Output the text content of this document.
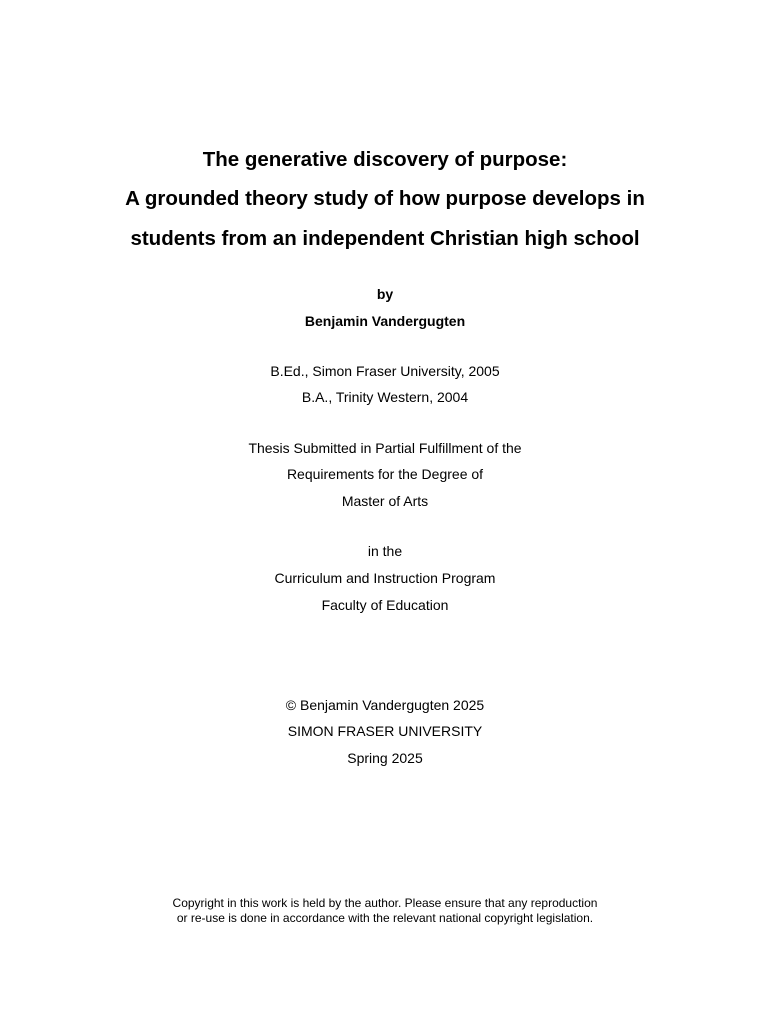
The generative discovery of purpose:
A grounded theory study of how purpose develops in
students from an independent Christian high school
by
Benjamin Vandergugten
B.Ed., Simon Fraser University, 2005
B.A., Trinity Western, 2004
Thesis Submitted in Partial Fulfillment of the
Requirements for the Degree of
Master of Arts
in the
Curriculum and Instruction Program
Faculty of Education
© Benjamin Vandergugten 2025
SIMON FRASER UNIVERSITY
Spring 2025
Copyright in this work is held by the author. Please ensure that any reproduction
or re-use is done in accordance with the relevant national copyright legislation.
